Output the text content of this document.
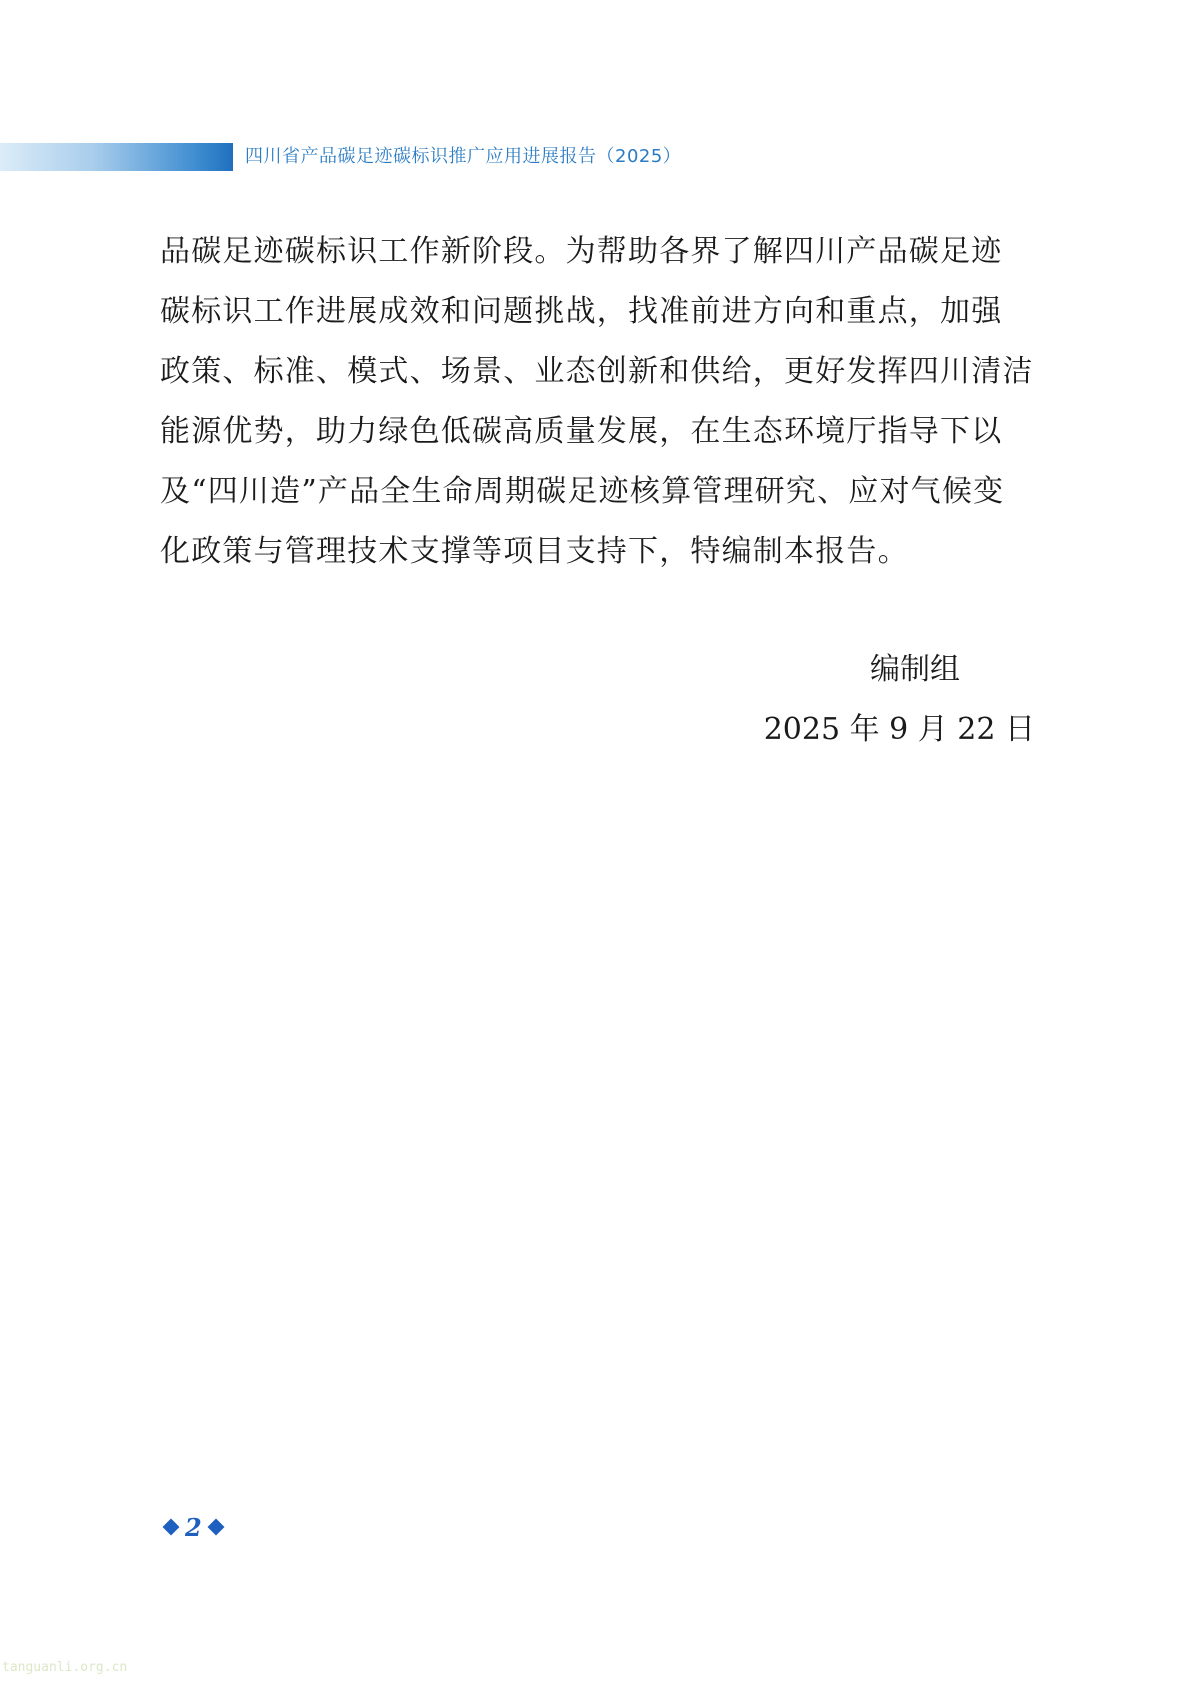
四川省产品碳足迹碳标识推广应用进展报告（2025）

品碳足迹碳标识工作新阶段。为帮助各界了解四川产品碳足迹

碳标识工作进展成效和问题挑战，找准前进方向和重点，加强

政策、标准、模式、场景、业态创新和供给，更好发挥四川清洁

能源优势，助力绿色低碳高质量发展，在生态环境厅指导下以

及“四川造”产品全生命周期碳足迹核算管理研究、应对气候变

化政策与管理技术支撑等项目支持下，特编制本报告。

编制组
2025 年 9 月 22 日
2
tanguanli.org.cn
